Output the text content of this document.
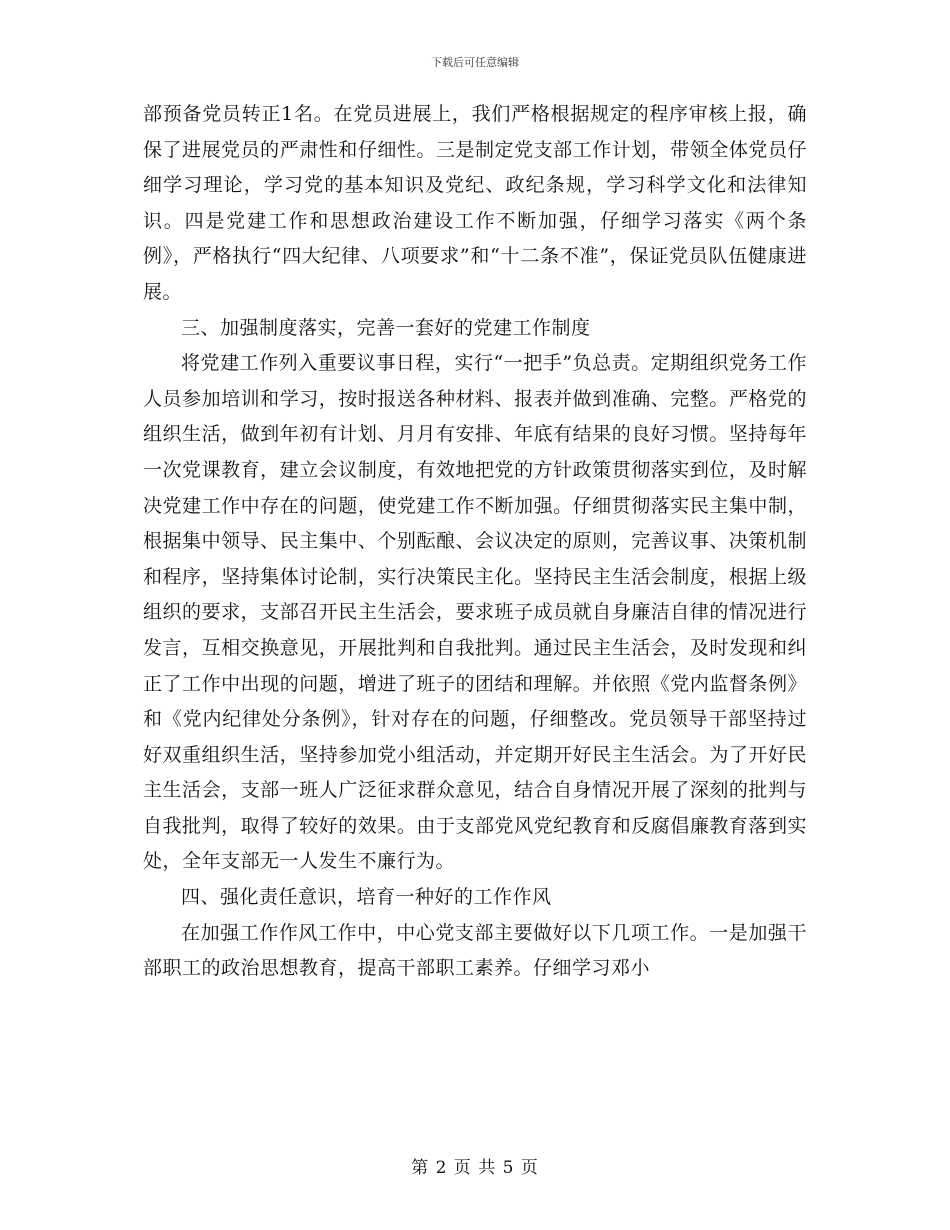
下载后可任意编辑

部预备党员转正1名。在党员进展上，我们严格根据规定的程序审核上报，确保了进展党员的严肃性和仔细性。三是制定党支部工作计划，带领全体党员仔细学习理论，学习党的基本知识及党纪、政纪条规，学习科学文化和法律知识。四是党建工作和思想政治建设工作不断加强，仔细学习落实《两个条例》，严格执行“四大纪律、八项要求”和“十二条不准”，保证党员队伍健康进展。

三、加强制度落实，完善一套好的党建工作制度

将党建工作列入重要议事日程，实行“一把手”负总责。定期组织党务工作人员参加培训和学习，按时报送各种材料、报表并做到准确、完整。严格党的组织生活，做到年初有计划、月月有安排、年底有结果的良好习惯。坚持每年一次党课教育，建立会议制度，有效地把党的方针政策贯彻落实到位，及时解决党建工作中存在的问题，使党建工作不断加强。仔细贯彻落实民主集中制，根据集中领导、民主集中、个别酝酿、会议决定的原则，完善议事、决策机制和程序，坚持集体讨论制，实行决策民主化。坚持民主生活会制度，根据上级组织的要求，支部召开民主生活会，要求班子成员就自身廉洁自律的情况进行发言，互相交换意见，开展批判和自我批判。通过民主生活会，及时发现和纠正了工作中出现的问题，增进了班子的团结和理解。并依照《党内监督条例》和《党内纪律处分条例》，针对存在的问题，仔细整改。党员领导干部坚持过好双重组织生活，坚持参加党小组活动，并定期开好民主生活会。为了开好民主生活会，支部一班人广泛征求群众意见，结合自身情况开展了深刻的批判与自我批判，取得了较好的效果。由于支部党风党纪教育和反腐倡廉教育落到实处，全年支部无一人发生不廉行为。

四、强化责任意识，培育一种好的工作作风

在加强工作作风工作中，中心党支部主要做好以下几项工作。一是加强干部职工的政治思想教育，提高干部职工素养。仔细学习邓小

第 2 页 共 5 页
